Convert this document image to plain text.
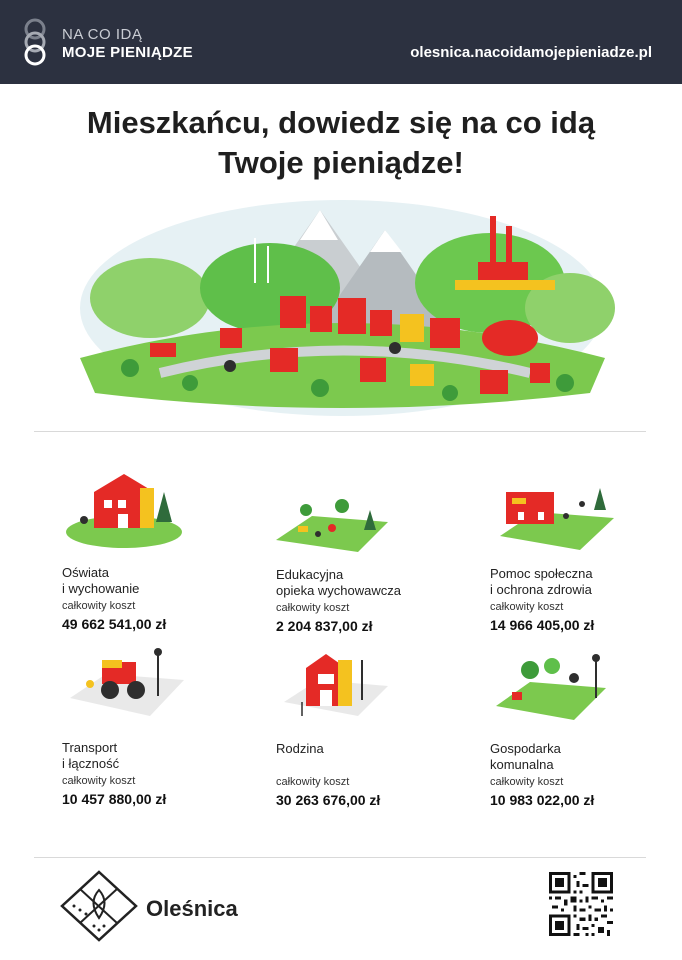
NA CO IDĄ
MOJE PIENIĄDZE	olesnica.nacoidamojepieniadze.pl
Mieszkańcu, dowiedz się na co idą
Twoje pieniądze!
Oświata
i wychowanie
całkowity koszt
49 662 541,00 zł
Edukacyjna
opieka wychowawcza
całkowity koszt
2 204 837,00 zł
Pomoc społeczna
i ochrona zdrowia
całkowity koszt
14 966 405,00 zł
Transport
i łączność
całkowity koszt
10 457 880,00 zł
Rodzina
całkowity koszt
30 263 676,00 zł
Gospodarka
komunalna
całkowity koszt
10 983 022,00 zł
Oleśnica
